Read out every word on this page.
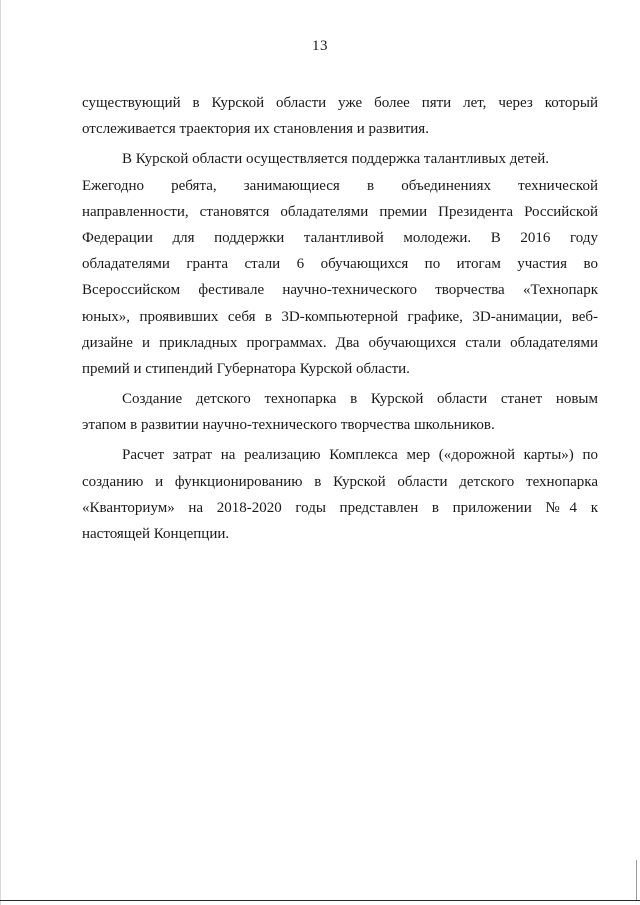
13
существующий в Курской области уже более пяти лет, через который
отслеживается траектория их становления и развития.
В Курской области осуществляется поддержка талантливых детей.
Ежегодно ребята, занимающиеся в объединениях технической
направленности, становятся обладателями премии Президента Российской
Федерации для поддержки талантливой молодежи. В 2016 году
обладателями гранта стали 6 обучающихся по итогам участия во
Всероссийском фестивале научно-технического творчества «Технопарк
юных», проявивших себя в 3D-компьютерной графике, 3D-анимации, веб-
дизайне и прикладных программах. Два обучающихся стали обладателями
премий и стипендий Губернатора Курской области.
Создание детского технопарка в Курской области станет новым
этапом в развитии научно-технического творчества школьников.
Расчет затрат на реализацию Комплекса мер («дорожной карты») по
созданию и функционированию в Курской области детского технопарка
«Кванториум» на 2018-2020 годы представлен в приложении №4 к
настоящей Концепции.
